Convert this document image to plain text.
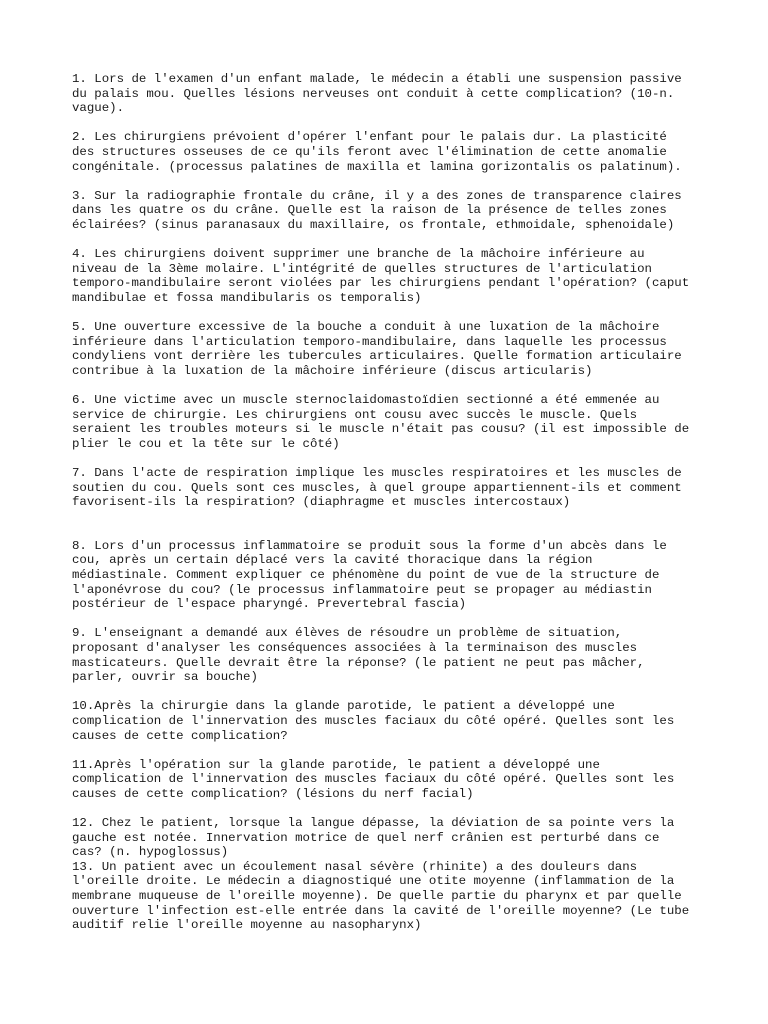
1. Lors de l'examen d'un enfant malade, le médecin a établi une suspension passive
du palais mou. Quelles lésions nerveuses ont conduit à cette complication? (10-n.
vague).
2. Les chirurgiens prévoient d'opérer l'enfant pour le palais dur. La plasticité
des structures osseuses de ce qu'ils feront avec l'élimination de cette anomalie
congénitale. (processus palatines de maxilla et lamina gorizontalis os palatinum).
3. Sur la radiographie frontale du crâne, il y a des zones de transparence claires
dans les quatre os du crâne. Quelle est la raison de la présence de telles zones
éclairées? (sinus paranasaux du maxillaire, os frontale, ethmoidale, sphenoidale)
4. Les chirurgiens doivent supprimer une branche de la mâchoire inférieure au
niveau de la 3ème molaire. L'intégrité de quelles structures de l'articulation
temporo-mandibulaire seront violées par les chirurgiens pendant l'opération? (caput
mandibulae et fossa mandibularis os temporalis)
5. Une ouverture excessive de la bouche a conduit à une luxation de la mâchoire
inférieure dans l'articulation temporo-mandibulaire, dans laquelle les processus
condyliens vont derrière les tubercules articulaires. Quelle formation articulaire
contribue à la luxation de la mâchoire inférieure (discus articularis)
6. Une victime avec un muscle sternoclaidomastoïdien sectionné a été emmenée au
service de chirurgie. Les chirurgiens ont cousu avec succès le muscle. Quels
seraient les troubles moteurs si le muscle n'était pas cousu? (il est impossible de
plier le cou et la tête sur le côté)
7. Dans l'acte de respiration implique les muscles respiratoires et les muscles de
soutien du cou. Quels sont ces muscles, à quel groupe appartiennent-ils et comment
favorisent-ils la respiration? (diaphragme et muscles intercostaux)
8. Lors d'un processus inflammatoire se produit sous la forme d'un abcès dans le
cou, après un certain déplacé vers la cavité thoracique dans la région
médiastinale. Comment expliquer ce phénomène du point de vue de la structure de
l'aponévrose du cou? (le processus inflammatoire peut se propager au médiastin
postérieur de l'espace pharyngé. Prevertebral fascia)
9. L'enseignant a demandé aux élèves de résoudre un problème de situation,
proposant d'analyser les conséquences associées à la terminaison des muscles
masticateurs. Quelle devrait être la réponse? (le patient ne peut pas mâcher,
parler, ouvrir sa bouche)
10.Après la chirurgie dans la glande parotide, le patient a développé une
complication de l'innervation des muscles faciaux du côté opéré. Quelles sont les
causes de cette complication?
11.Après l'opération sur la glande parotide, le patient a développé une
complication de l'innervation des muscles faciaux du côté opéré. Quelles sont les
causes de cette complication? (lésions du nerf facial)
12. Chez le patient, lorsque la langue dépasse, la déviation de sa pointe vers la
gauche est notée. Innervation motrice de quel nerf crânien est perturbé dans ce
cas? (n. hypoglossus)
13. Un patient avec un écoulement nasal sévère (rhinite) a des douleurs dans
l'oreille droite. Le médecin a diagnostiqué une otite moyenne (inflammation de la
membrane muqueuse de l'oreille moyenne). De quelle partie du pharynx et par quelle
ouverture l'infection est-elle entrée dans la cavité de l'oreille moyenne? (Le tube
auditif relie l'oreille moyenne au nasopharynx)
